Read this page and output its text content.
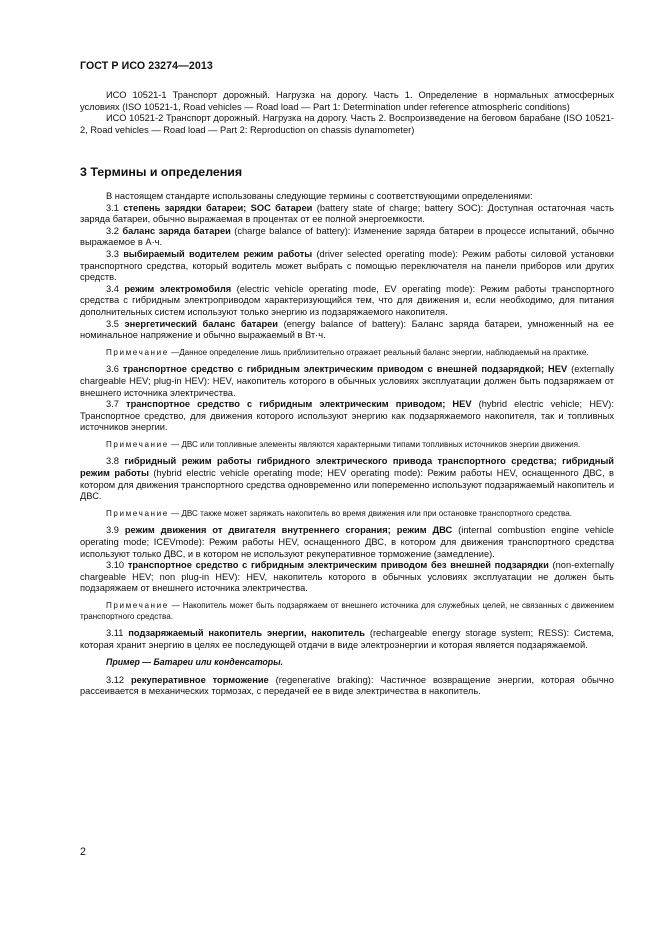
ГОСТ Р ИСО 23274—2013

ИСО 10521-1 Транспорт дорожный. Нагрузка на дорогу. Часть 1. Определение в нормальных атмосферных условиях (ISO 10521-1, Road vehicles — Road load — Part 1: Determination under reference atmospheric conditions)

ИСО 10521-2 Транспорт дорожный. Нагрузка на дорогу. Часть 2. Воспроизведение на беговом барабане (ISO 10521-2, Road vehicles — Road load — Part 2: Reproduction on chassis dynamometer)

3 Термины и определения

В настоящем стандарте использованы следующие термины с соответствующими определениями:

3.1 степень зарядки батареи; SOC батареи (battery state of charge; battery SOC): Доступная остаточная часть заряда батареи, обычно выражаемая в процентах от ее полной энергоемкости.

3.2 баланс заряда батареи (charge balance of battery): Изменение заряда батареи в процессе испытаний, обычно выражаемое в А·ч.

3.3 выбираемый водителем режим работы (driver selected operating mode): Режим работы силовой установки транспортного средства, который водитель может выбрать с помощью переключателя на панели приборов или других средств.

3.4 режим электромобиля (electric vehicle operating mode, EV operating mode): Режим работы транспортного средства с гибридным электроприводом характеризующийся тем, что для движения и, если необходимо, для питания дополнительных систем используют только энергию из подзаряжаемого накопителя.

3.5 энергетический баланс батареи (energy balance of battery): Баланс заряда батареи, умноженный на ее номинальное напряжение и обычно выражаемый в Вт·ч.

Примечание —Данное определение лишь приблизительно отражает реальный баланс энергии, наблюдаемый на практике.

3.6 транспортное средство с гибридным электрическим приводом с внешней подзарядкой; HEV (externally chargeable HEV; plug-in HEV): HEV, накопитель которого в обычных условиях эксплуатации должен быть подзаряжаем от внешнего источника электричества.

3.7 транспортное средство с гибридным электрическим приводом; HEV (hybrid electric vehicle; HEV): Транспортное средство, для движения которого используют энергию как подзаряжаемого накопителя, так и топливных источников энергии.

Примечание — ДВС или топливные элементы являются характерными типами топливных источников энергии движения.

3.8 гибридный режим работы гибридного электрического привода транспортного средства; гибридный режим работы (hybrid electric vehicle operating mode; HEV operating mode): Режим работы HEV, оснащенного ДВС, в котором для движения транспортного средства одновременно или попеременно используют подзаряжаемый накопитель и ДВС.

Примечание — ДВС также может заряжать накопитель во время движения или при остановке транспортного средства.

3.9 режим движения от двигателя внутреннего сгорания; режим ДВС (internal combustion engine vehicle operating mode; ICEVmode): Режим работы HEV, оснащенного ДВС, в котором для движения транспортного средства используют только ДВС, и в котором не используют рекуперативное торможение (замедление).

3.10 транспортное средство с гибридным электрическим приводом без внешней подзарядки (non-externally chargeable HEV; non plug-in HEV): HEV, накопитель которого в обычных условиях эксплуатации не должен быть подзаряжаем от внешнего источника электричества.

Примечание — Накопитель может быть подзаряжаем от внешнего источника для служебных целей, не связанных с движением транспортного средства.

3.11 подзаряжаемый накопитель энергии, накопитель (rechargeable energy storage system; RESS): Система, которая хранит энергию в целях ее последующей отдачи в виде электроэнергии и которая является подзаряжаемой.

Пример — Батареи или конденсаторы.

3.12 рекуперативное торможение (regenerative braking): Частичное возвращение энергии, которая обычно рассеивается в механических тормозах, с передачей ее в виде электричества в накопитель.

2
